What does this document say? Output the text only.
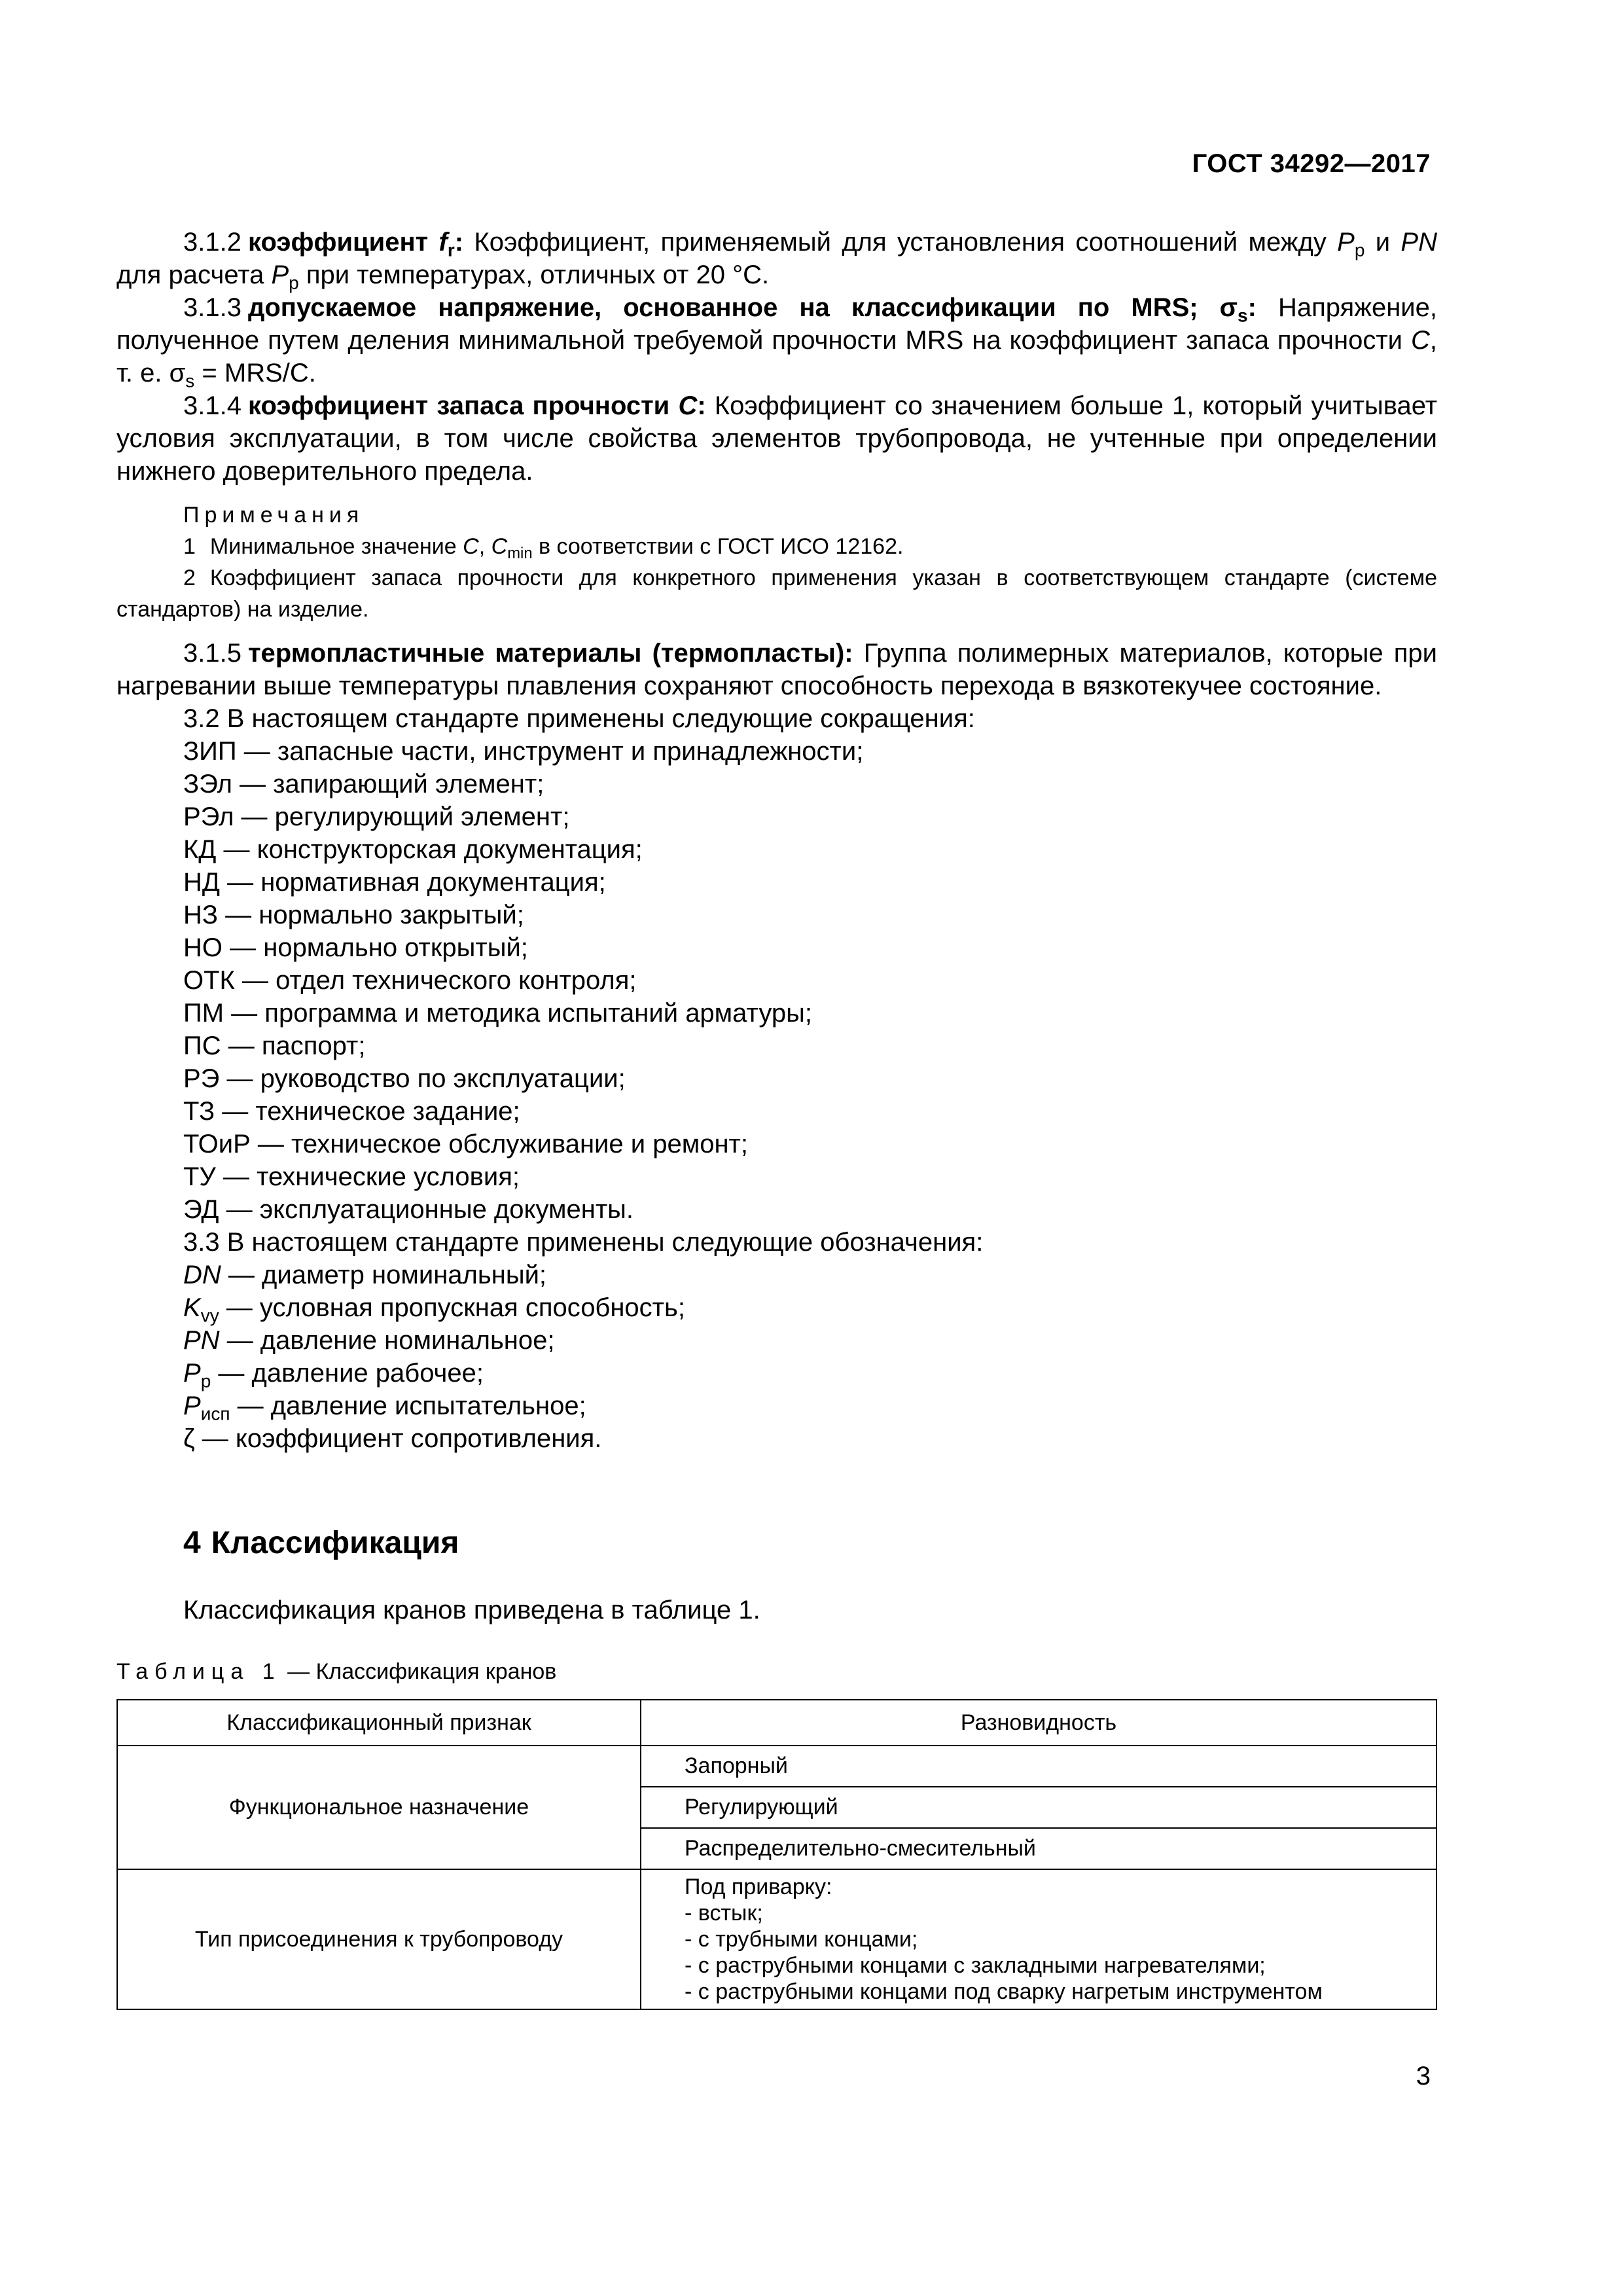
ГОСТ 34292—2017

3.1.2 коэффициент $f_r$: Коэффициент, применяемый для установления соотношений между $P_p$ и PN для расчета $P_p$ при температурах, отличных от 20 °С.

3.1.3 допускаемое напряжение, основанное на классификации по MRS; $\sigma_s$: Напряжение, полученное путем деления минимальной требуемой прочности MRS на коэффициент запаса прочности C, т. е. $\sigma_s = MRS/C$.

3.1.4 коэффициент запаса прочности C: Коэффициент со значением больше 1, который учитывает условия эксплуатации, в том числе свойства элементов трубопровода, не учтенные при определении нижнего доверительного предела.

Примечания

1 Минимальное значение C, $C_{min}$ в соответствии с ГОСТ ИСО 12162.

2 Коэффициент запаса прочности для конкретного применения указан в соответствующем стандарте (системе стандартов) на изделие.

3.1.5 термопластичные материалы (термопласты): Группа полимерных материалов, которые при нагревании выше температуры плавления сохраняют способность перехода в вязкотекучее состояние.

3.2 В настоящем стандарте применены следующие сокращения:

ЗИП — запасные части, инструмент и принадлежности;

ЗЭл — запирающий элемент;

РЭл — регулирующий элемент;

КД — конструкторская документация;

НД — нормативная документация;

НЗ — нормально закрытый;

НО — нормально открытый;

ОТК — отдел технического контроля;

ПМ — программа и методика испытаний арматуры;

ПС — паспорт;

РЭ — руководство по эксплуатации;

ТЗ — техническое задание;

ТОиР — техническое обслуживание и ремонт;

ТУ — технические условия;

ЭД — эксплуатационные документы.

3.3 В настоящем стандарте применены следующие обозначения:

DN — диаметр номинальный;

$K_{vy}$ — условная пропускная способность;

PN — давление номинальное;

$P_p$ — давление рабочее;

$P_{исп}$ — давление испытательное;

ζ — коэффициент сопротивления.

4 Классификация
Классификация кранов приведена в таблице 1.
Таблица 1 — Классификация кранов
Классификационный признак	Разновидность
Функциональное назначение	Запорный
	Регулирующий
	Распределительно-смесительный
Тип присоединения к трубопроводу	Под приварку:
- встык;
- с трубными концами;
- с раструбными концами с закладными нагревателями;
- с раструбными концами под сварку нагретым инструментом
3
